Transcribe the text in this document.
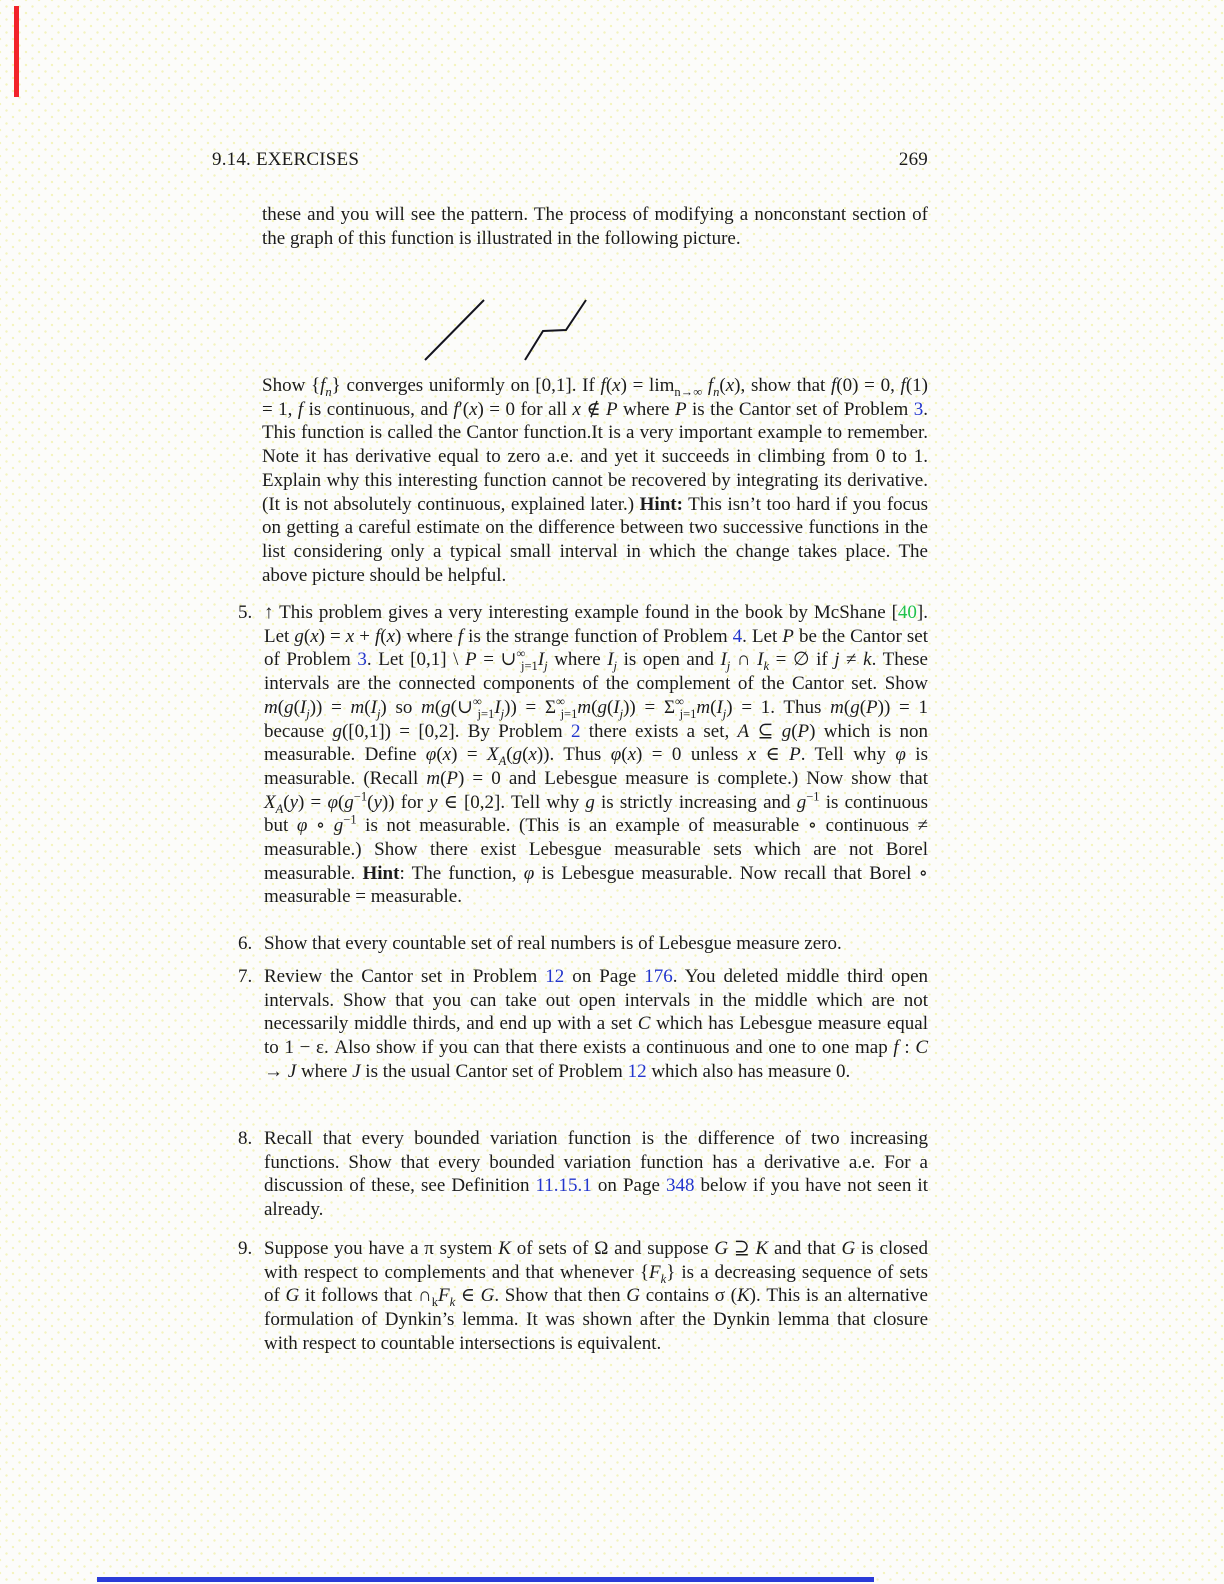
9.14. EXERCISES	269
these and you will see the pattern. The process of modifying a nonconstant section of the graph of this function is illustrated in the following picture.
Show $\{f_n\}$ converges uniformly on [0,1]. If $f(x) = \lim_{n\to\infty} f_n(x)$, show that f(0) = 0, f(1) = 1, f is continuous, and f′(x) = 0 for all x ∉ P where P is the Cantor set of Problem 3. This function is called the Cantor function.It is a very important example to remember. Note it has derivative equal to zero a.e. and yet it succeeds in climbing from 0 to 1. Explain why this interesting function cannot be recovered by integrating its derivative. (It is not absolutely continuous, explained later.) Hint: This isn’t too hard if you focus on getting a careful estimate on the difference between two successive functions in the list considering only a typical small interval in which the change takes place. The above picture should be helpful.
5. ↑ This problem gives a very interesting example found in the book by McShane [40]. Let g(x) = x + f(x) where f is the strange function of Problem 4. Let P be the Cantor set of Problem 3. Let [0,1] \ $P = \cup^\infty_{j=1}I_j$ where $I_j$ is open and $I_j$ ∩ $I_k$ = ∅ if j ≠ k. These intervals are the connected components of the complement of the Cantor set. Show $m(g(I_j)) = m(I_j)$ so $m(g(\cup^\infty_{j=1}I_j)) = \Sigma^\infty_{j=1}m(g(I_j)) = \Sigma^\infty_{j=1}m(I_j) = 1$. Thus m(g(P)) = 1 because g([0,1]) = [0,2]. By Problem 2 there exists a set, A ⊆ g(P) which is non measurable. Define $\varphi(x) = X_A(g(x))$. Thus φ(x) = 0 unless x ∈ P. Tell why φ is measurable. (Recall m(P) = 0 and Lebesgue measure is complete.) Now show that $X_A(y) = \varphi(g^{-1}(y))$ for y ∈ [0,2]. Tell why g is strictly increasing and $g^{-1}$ is continuous but φ ∘ $g^{-1}$ is not measurable. (This is an example of measurable ∘ continuous ≠ measurable.) Show there exist Lebesgue measurable sets which are not Borel measurable. Hint: The function, φ is Lebesgue measurable. Now recall that Borel ∘ measurable = measurable.
6. Show that every countable set of real numbers is of Lebesgue measure zero.
7. Review the Cantor set in Problem 12 on Page 176. You deleted middle third open intervals. Show that you can take out open intervals in the middle which are not necessarily middle thirds, and end up with a set C which has Lebesgue measure equal to 1 − ε. Also show if you can that there exists a continuous and one to one map f : C → J where J is the usual Cantor set of Problem 12 which also has measure 0.
8. Recall that every bounded variation function is the difference of two increasing functions. Show that every bounded variation function has a derivative a.e. For a discussion of these, see Definition 11.15.1 on Page 348 below if you have not seen it already.
9. Suppose you have a π system K of sets of Ω and suppose G ⊇ K and that G is closed with respect to complements and that whenever $\{F_k\}$ is a decreasing sequence of sets of G it follows that $\cap_kF_k$ ∈ G. Show that then G contains σ (K). This is an alternative formulation of Dynkin’s lemma. It was shown after the Dynkin lemma that closure with respect to countable intersections is equivalent.
